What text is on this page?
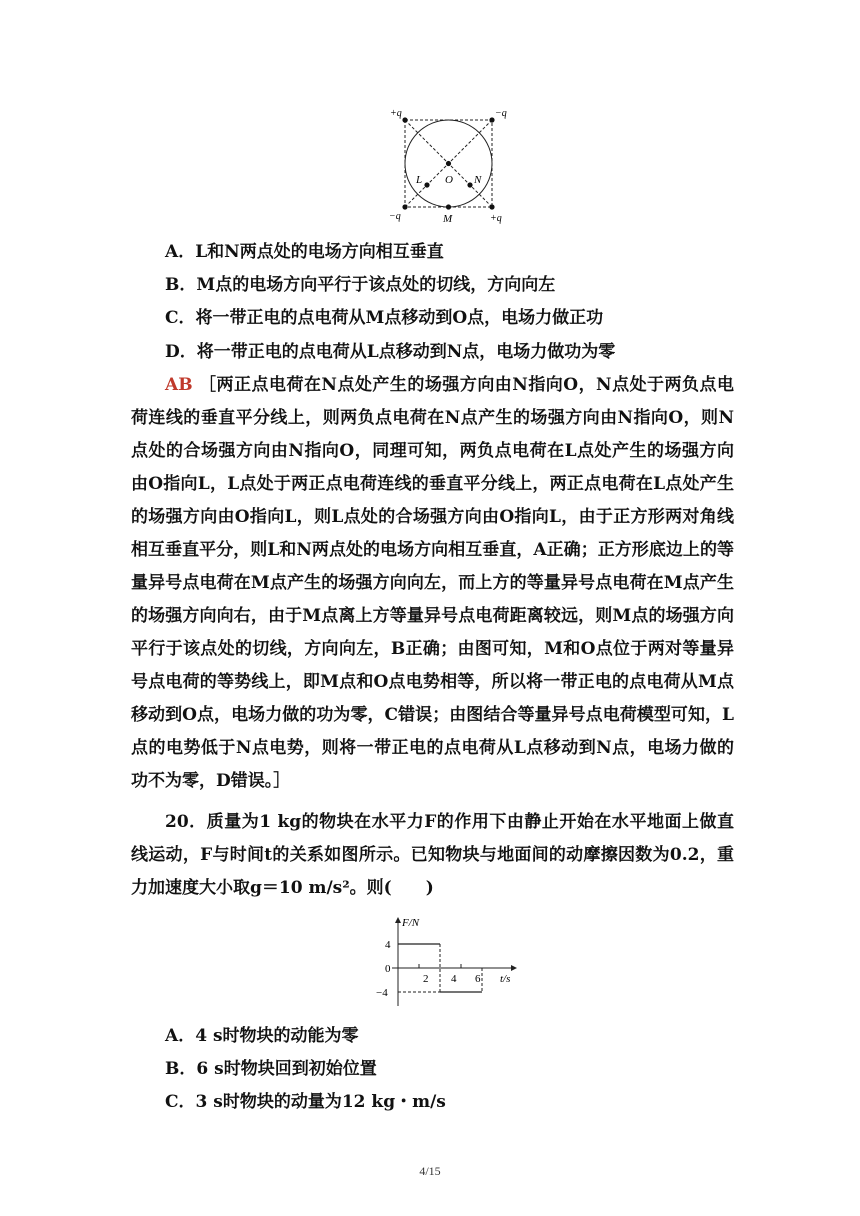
+q	−q
−q	+q
L O N
M
A．L和N两点处的电场方向相互垂直
B．M点的电场方向平行于该点处的切线，方向向左
C．将一带正电的点电荷从M点移动到O点，电场力做正功
D．将一带正电的点电荷从L点移动到N点，电场力做功为零
AB ［两正点电荷在N点处产生的场强方向由N指向O，N点处于两负点电荷连线的垂直平分线上，则两负点电荷在N点产生的场强方向由N指向O，则N点处的合场强方向由N指向O，同理可知，两负点电荷在L点处产生的场强方向由O指向L，L点处于两正点电荷连线的垂直平分线上，两正点电荷在L点处产生的场强方向由O指向L，则L点处的合场强方向由O指向L，由于正方形两对角线相互垂直平分，则L和N两点处的电场方向相互垂直，A正确；正方形底边上的等量异号点电荷在M点产生的场强方向向左，而上方的等量异号点电荷在M点产生的场强方向向右，由于M点离上方等量异号点电荷距离较远，则M点的场强方向平行于该点处的切线，方向向左，B正确；由图可知，M和O点位于两对等量异号点电荷的等势线上，即M点和O点电势相等，所以将一带正电的点电荷从M点移动到O点，电场力做的功为零，C错误；由图结合等量异号点电荷模型可知，L点的电势低于N点电势，则将一带正电的点电荷从L点移动到N点，电场力做的功不为零，D错误。］
20．质量为1 kg的物块在水平力F的作用下由静止开始在水平地面上做直线运动，F与时间t的关系如图所示。已知物块与地面间的动摩擦因数为0.2，重力加速度大小取g＝10 m/s²。则(　　)
F/N
4
0
−4
2 4 6 t/s
A．4 s时物块的动能为零
B．6 s时物块回到初始位置
C．3 s时物块的动量为12 kg・m/s
4/15
